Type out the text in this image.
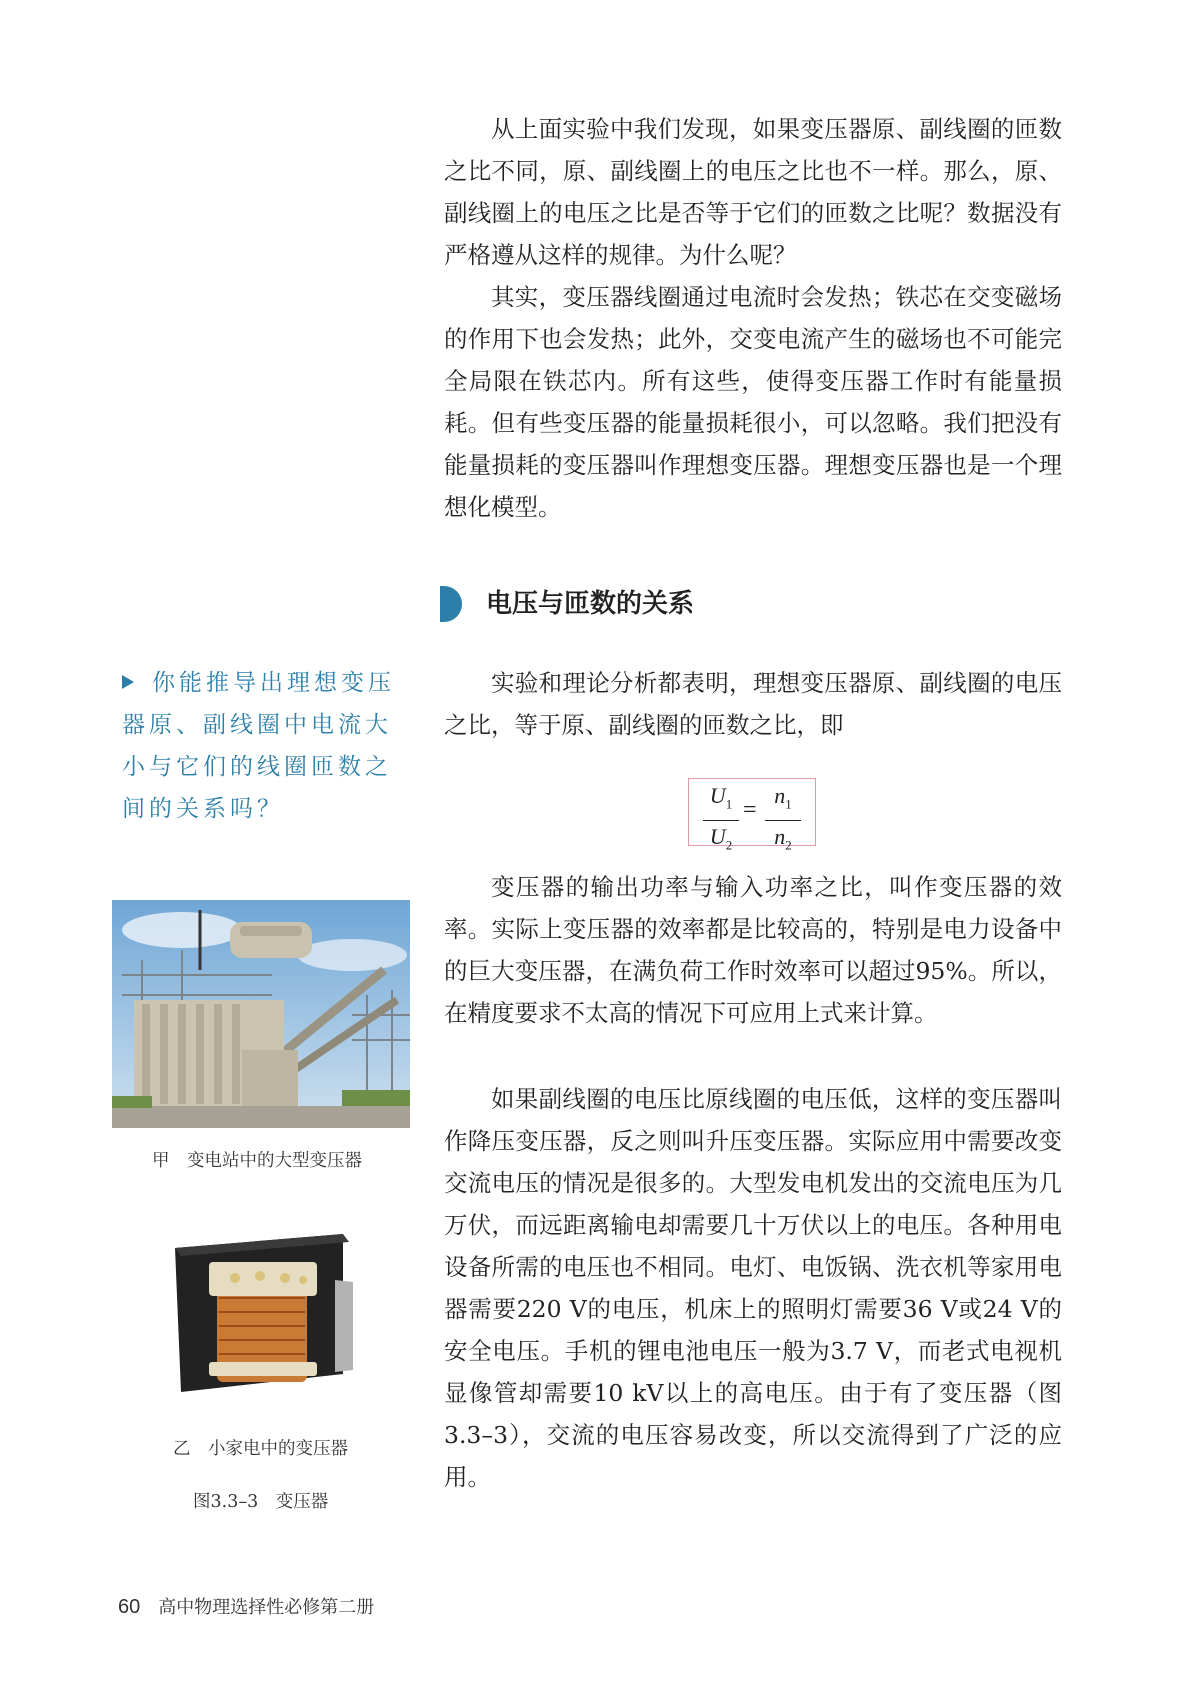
从上面实验中我们发现，如果变压器原、副线圈的匝数之比不同，原、副线圈上的电压之比也不一样。那么，原、副线圈上的电压之比是否等于它们的匝数之比呢？数据没有严格遵从这样的规律。为什么呢？

其实，变压器线圈通过电流时会发热；铁芯在交变磁场的作用下也会发热；此外，交变电流产生的磁场也不可能完全局限在铁芯内。所有这些，使得变压器工作时有能量损耗。但有些变压器的能量损耗很小，可以忽略。我们把没有能量损耗的变压器叫作理想变压器。理想变压器也是一个理想化模型。

电压与匝数的关系

实验和理论分析都表明，理想变压器原、副线圈的电压之比，等于原、副线圈的匝数之比，即

$U_1$
$U_2$
=
$n_1$
$n_2$

变压器的输出功率与输入功率之比，叫作变压器的效率。实际上变压器的效率都是比较高的，特别是电力设备中的巨大变压器，在满负荷工作时效率可以超过95%。所以，在精度要求不太高的情况下可应用上式来计算。

如果副线圈的电压比原线圈的电压低，这样的变压器叫作降压变压器，反之则叫升压变压器。实际应用中需要改变交流电压的情况是很多的。大型发电机发出的交流电压为几万伏，而远距离输电却需要几十万伏以上的电压。各种用电设备所需的电压也不相同。电灯、电饭锅、洗衣机等家用电器需要220 V的电压，机床上的照明灯需要36 V或24 V的安全电压。手机的锂电池电压一般为3.7 V，而老式电视机显像管却需要10 kV以上的高电压。由于有了变压器（图3.3–3），交流的电压容易改变，所以交流得到了广泛的应用。

你能推导出理想变压器原、副线圈中电流大小与它们的线圈匝数之间的关系吗？
甲　变电站中的大型变压器
乙　小家电中的变压器
图3.3–3　变压器
60 高中物理选择性必修第二册
